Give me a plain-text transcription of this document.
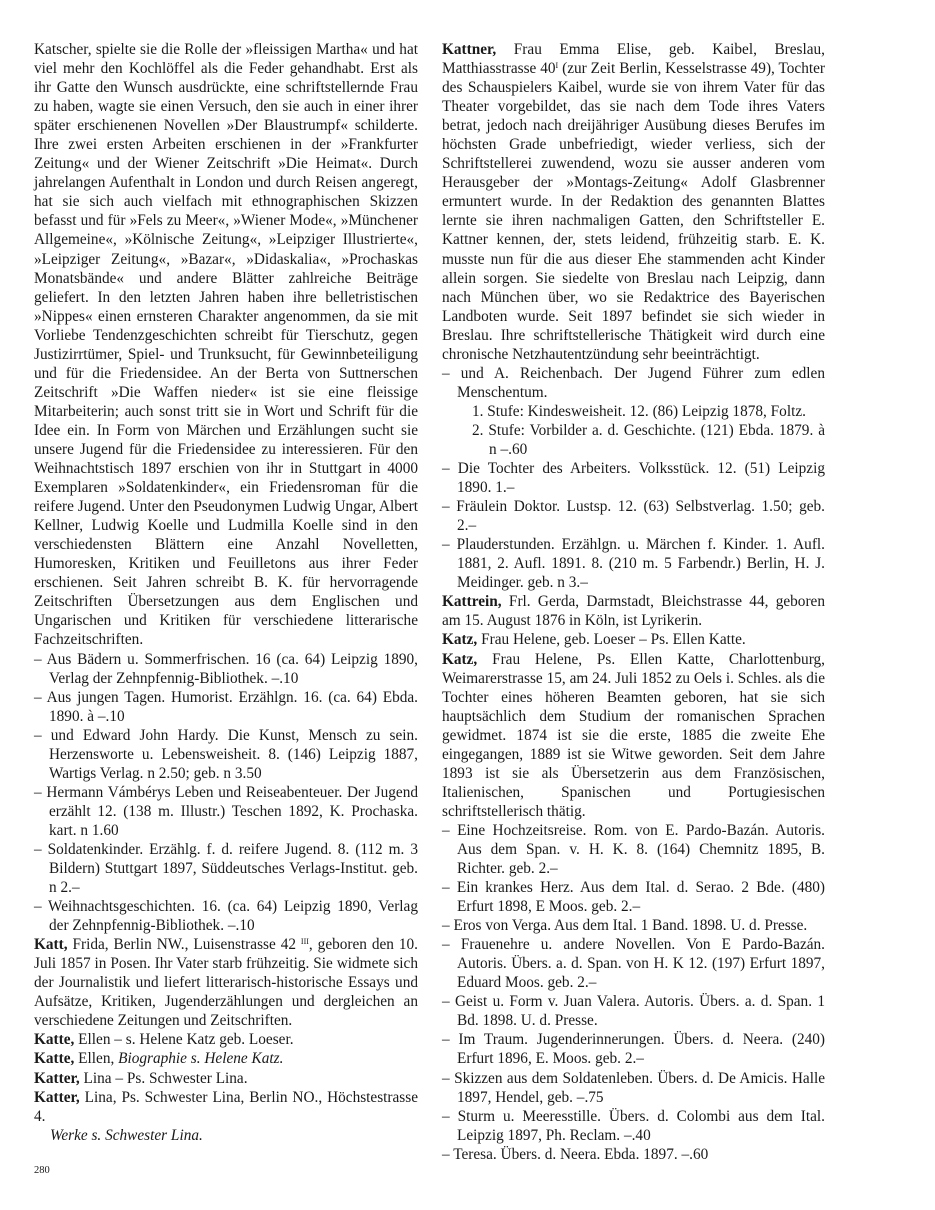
Katscher, spielte sie die Rolle der »fleissigen Martha« und hat viel mehr den Kochlöffel als die Feder gehandhabt. Erst als ihr Gatte den Wunsch ausdrückte, eine schriftstellernde Frau zu haben, wagte sie einen Versuch, den sie auch in einer ihrer später erschienenen Novellen »Der Blaustrumpf« schilderte. Ihre zwei ersten Arbeiten erschienen in der »Frankfurter Zeitung« und der Wiener Zeitschrift »Die Heimat«. Durch jahrelangen Aufenthalt in London und durch Reisen angeregt, hat sie sich auch vielfach mit ethnographischen Skizzen befasst und für »Fels zu Meer«, »Wiener Mode«, »Münchener Allgemeine«, »Kölnische Zeitung«, »Leipziger Illustrierte«, »Leipziger Zeitung«, »Bazar«, »Didaskalia«, »Prochaskas Monatsbände« und andere Blätter zahlreiche Beiträge geliefert. In den letzten Jahren haben ihre belletristischen »Nippes« einen ernsteren Charakter angenommen, da sie mit Vorliebe Tendenzgeschichten schreibt für Tierschutz, gegen Justizirrtümer, Spiel- und Trunksucht, für Gewinnbeteiligung und für die Friedensidee. An der Berta von Suttnerschen Zeitschrift »Die Waffen nieder« ist sie eine fleissige Mitarbeiterin; auch sonst tritt sie in Wort und Schrift für die Idee ein. In Form von Märchen und Erzählungen sucht sie unsere Jugend für die Friedensidee zu interessieren. Für den Weihnachtstisch 1897 erschien von ihr in Stuttgart in 4000 Exemplaren »Soldatenkinder«, ein Friedensroman für die reifere Jugend. Unter den Pseudonymen Ludwig Ungar, Albert Kellner, Ludwig Koelle und Ludmilla Koelle sind in den verschiedensten Blättern eine Anzahl Novelletten, Humoresken, Kritiken und Feuilletons aus ihrer Feder erschienen. Seit Jahren schreibt B. K. für hervorragende Zeitschriften Übersetzungen aus dem Englischen und Ungarischen und Kritiken für verschiedene litterarische Fachzeitschriften.

– Aus Bädern u. Sommerfrischen. 16 (ca. 64) Leipzig 1890, Verlag der Zehnpfennig-Bibliothek. –.10

– Aus jungen Tagen. Humorist. Erzählgn. 16. (ca. 64) Ebda. 1890. à –.10

– und Edward John Hardy. Die Kunst, Mensch zu sein. Herzensworte u. Lebensweisheit. 8. (146) Leipzig 1887, Wartigs Verlag. n 2.50; geb. n 3.50

– Hermann Vámbérys Leben und Reiseabenteuer. Der Jugend erzählt 12. (138 m. Illustr.) Teschen 1892, K. Prochaska. kart. n 1.60

– Soldatenkinder. Erzählg. f. d. reifere Jugend. 8. (112 m. 3 Bildern) Stuttgart 1897, Süddeutsches Verlags-Institut. geb. n 2.–

– Weihnachtsgeschichten. 16. (ca. 64) Leipzig 1890, Verlag der Zehnpfennig-Bibliothek. –.10

Katt, Frida, Berlin NW., Luisenstrasse 42 $^{III}$, geboren den 10. Juli 1857 in Posen. Ihr Vater starb frühzeitig. Sie widmete sich der Journalistik und liefert litterarisch-historische Essays und Aufsätze, Kritiken, Jugenderzählungen und dergleichen an verschiedene Zeitungen und Zeitschriften.

Katte, Ellen – s. Helene Katz geb. Loeser.

Katte, Ellen, Biographie s. Helene Katz.

Katter, Lina – Ps. Schwester Lina.

Katter, Lina, Ps. Schwester Lina, Berlin NO., Höchstestrasse 4.

Werke s. Schwester Lina.

Kattner, Frau Emma Elise, geb. Kaibel, Breslau, Matthiasstrasse $40^I$ (zur Zeit Berlin, Kesselstrasse 49), Tochter des Schauspielers Kaibel, wurde sie von ihrem Vater für das Theater vorgebildet, das sie nach dem Tode ihres Vaters betrat, jedoch nach dreijähriger Ausübung dieses Berufes im höchsten Grade unbefriedigt, wieder verliess, sich der Schriftstellerei zuwendend, wozu sie ausser anderen vom Herausgeber der »Montags-Zeitung« Adolf Glasbrenner ermuntert wurde. In der Redaktion des genannten Blattes lernte sie ihren nachmaligen Gatten, den Schriftsteller E. Kattner kennen, der, stets leidend, frühzeitig starb. E. K. musste nun für die aus dieser Ehe stammenden acht Kinder allein sorgen. Sie siedelte von Breslau nach Leipzig, dann nach München über, wo sie Redaktrice des Bayerischen Landboten wurde. Seit 1897 befindet sie sich wieder in Breslau. Ihre schriftstellerische Thätigkeit wird durch eine chronische Netzhautentzündung sehr beeinträchtigt.

– und A. Reichenbach. Der Jugend Führer zum edlen Menschentum.

1. Stufe: Kindesweisheit. 12. (86) Leipzig 1878, Foltz.

2. Stufe: Vorbilder a. d. Geschichte. (121) Ebda. 1879. à n –.60

– Die Tochter des Arbeiters. Volksstück. 12. (51) Leipzig 1890. 1.–

– Fräulein Doktor. Lustsp. 12. (63) Selbstverlag. 1.50; geb. 2.–

– Plauderstunden. Erzählgn. u. Märchen f. Kinder. 1. Aufl. 1881, 2. Aufl. 1891. 8. (210 m. 5 Farbendr.) Berlin, H. J. Meidinger. geb. n 3.–

Kattrein, Frl. Gerda, Darmstadt, Bleichstrasse 44, geboren am 15. August 1876 in Köln, ist Lyrikerin.

Katz, Frau Helene, geb. Loeser – Ps. Ellen Katte.

Katz, Frau Helene, Ps. Ellen Katte, Charlottenburg, Weimarerstrasse 15, am 24. Juli 1852 zu Oels i. Schles. als die Tochter eines höheren Beamten geboren, hat sie sich hauptsächlich dem Studium der romanischen Sprachen gewidmet. 1874 ist sie die erste, 1885 die zweite Ehe eingegangen, 1889 ist sie Witwe geworden. Seit dem Jahre 1893 ist sie als Übersetzerin aus dem Französischen, Italienischen, Spanischen und Portugiesischen schriftstellerisch thätig.

– Eine Hochzeitsreise. Rom. von E. Pardo-Bazán. Autoris. Aus dem Span. v. H. K. 8. (164) Chemnitz 1895, B. Richter. geb. 2.–

– Ein krankes Herz. Aus dem Ital. d. Serao. 2 Bde. (480) Erfurt 1898, E Moos. geb. 2.–

– Eros von Verga. Aus dem Ital. 1 Band. 1898. U. d. Presse.

– Frauenehre u. andere Novellen. Von E Pardo-Bazán. Autoris. Übers. a. d. Span. von H. K 12. (197) Erfurt 1897, Eduard Moos. geb. 2.–

– Geist u. Form v. Juan Valera. Autoris. Übers. a. d. Span. 1 Bd. 1898. U. d. Presse.

– Im Traum. Jugenderinnerungen. Übers. d. Neera. (240) Erfurt 1896, E. Moos. geb. 2.–

– Skizzen aus dem Soldatenleben. Übers. d. De Amicis. Halle 1897, Hendel, geb. –.75

– Sturm u. Meeresstille. Übers. d. Colombi aus dem Ital. Leipzig 1897, Ph. Reclam. –.40

– Teresa. Übers. d. Neera. Ebda. 1897. –.60

280
